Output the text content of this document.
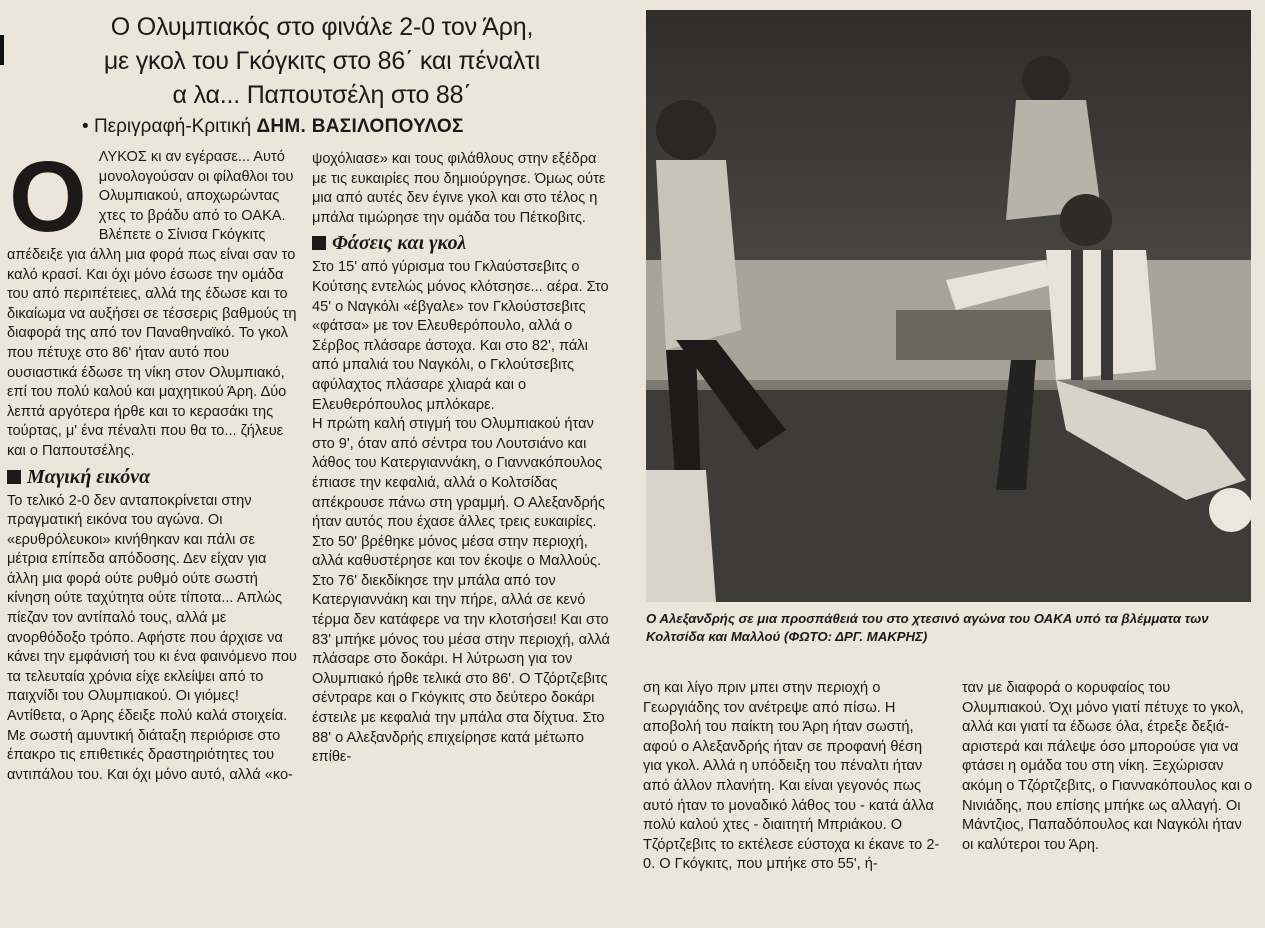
Ο Ολυμπιακός στο φινάλε 2-0 τον Άρη,
με γκολ του Γκόγκιτς στο 86΄ και πέναλτι
α λα... Παπουτσέλη στο 88΄
• Περιγραφή-Κριτική ΔΗΜ. ΒΑΣΙΛΟΠΟΥΛΟΣ
Ο ΛΥΚΟΣ κι αν εγέρασε... Αυτό μονολογούσαν οι φίλαθλοι του Ολυμπιακού, αποχωρώντας χτες το βράδυ από το ΟΑΚΑ. Βλέπετε ο Σίνισα Γκόγκιτς απέδειξε για άλλη μια φορά πως είναι σαν το καλό κρασί. Και όχι μόνο έσωσε την ομάδα του από περιπέτειες, αλλά της έδωσε και το δικαίωμα να αυξήσει σε τέσσερις βαθμούς τη διαφορά της από τον Παναθηναϊκό. Το γκολ που πέτυχε στο 86' ήταν αυτό που ουσιαστικά έδωσε τη νίκη στον Ολυμπιακό, επί του πολύ καλού και μαχητικού Άρη. Δύο λεπτά αργότερα ήρθε και το κερασάκι της τούρτας, μ' ένα πέναλτι που θα το... ζήλευε και ο Παπουτσέλης.

Μαγική εικόνα

Το τελικό 2-0 δεν ανταποκρίνεται στην πραγματική εικόνα του αγώνα. Οι «ερυθρόλευκοι» κινήθηκαν και πάλι σε μέτρια επίπεδα απόδοσης. Δεν είχαν για άλλη μια φορά ούτε ρυθμό ούτε σωστή κίνηση ούτε ταχύτητα ούτε τίποτα... Απλώς πίεζαν τον αντίπαλό τους, αλλά με ανορθόδοξο τρόπο. Αφήστε που άρχισε να κάνει την εμφάνισή του κι ένα φαινόμενο που τα τελευταία χρόνια είχε εκλείψει από το παιχνίδι του Ολυμπιακού. Οι γιόμες!

Αντίθετα, ο Άρης έδειξε πολύ καλά στοιχεία. Με σωστή αμυντική διάταξη περιόρισε στο έπακρο τις επιθετικές δραστηριότητες του αντιπάλου του. Και όχι μόνο αυτό, αλλά «κο-

ψοχόλιασε» και τους φιλάθλους στην εξέδρα με τις ευκαιρίες που δημιούργησε. Όμως ούτε μια από αυτές δεν έγινε γκολ και στο τέλος η μπάλα τιμώρησε την ομάδα του Πέτκοβιτς.

Φάσεις και γκολ

Στο 15' από γύρισμα του Γκλαύστσεβιτς ο Κούτσης εντελώς μόνος κλότσησε... αέρα. Στο 45' ο Ναγκόλι «έβγαλε» τον Γκλούστσεβιτς «φάτσα» με τον Ελευθερόπουλο, αλλά ο Σέρβος πλάσαρε άστοχα. Και στο 82', πάλι από μπαλιά του Ναγκόλι, ο Γκλούτσεβιτς αφύλαχτος πλάσαρε χλιαρά και ο Ελευθερόπουλος μπλόκαρε.

Η πρώτη καλή στιγμή του Ολυμπιακού ήταν στο 9', όταν από σέντρα του Λουτσιάνο και λάθος του Κατεργιαννάκη, ο Γιαννακόπουλος έπιασε την κεφαλιά, αλλά ο Κολτσίδας απέκρουσε πάνω στη γραμμή. Ο Αλεξανδρής ήταν αυτός που έχασε άλλες τρεις ευκαιρίες. Στο 50' βρέθηκε μόνος μέσα στην περιοχή, αλλά καθυστέρησε και τον έκοψε ο Μαλλούς. Στο 76' διεκδίκησε την μπάλα από τον Κατεργιαννάκη και την πήρε, αλλά σε κενό τέρμα δεν κατάφερε να την κλοτσήσει! Και στο 83' μπήκε μόνος του μέσα στην περιοχή, αλλά πλάσαρε στο δοκάρι. Η λύτρωση για τον Ολυμπιακό ήρθε τελικά στο 86'. Ο Τζόρτζεβιτς σέντραρε και ο Γκόγκιτς στο δεύτερο δοκάρι έστειλε με κεφαλιά την μπάλα στα δίχτυα. Στο 88' ο Αλεξανδρής επιχείρησε κατά μέτωπο επίθε-

Ο Αλεξανδρής σε μια προσπάθειά του στο χτεσινό αγώνα του ΟΑΚΑ υπό τα βλέμματα των Κολτσίδα και Μαλλού (ΦΩΤΟ: ΔΡΓ. ΜΑΚΡΗΣ)

ση και λίγο πριν μπει στην περιοχή ο Γεωργιάδης τον ανέτρεψε από πίσω. Η αποβολή του παίκτη του Άρη ήταν σωστή, αφού ο Αλεξανδρής ήταν σε προφανή θέση για γκολ. Αλλά η υπόδειξη του πέναλτι ήταν από άλλον πλανήτη. Και είναι γεγονός πως αυτό ήταν το μοναδικό λάθος του - κατά άλλα πολύ καλού χτες - διαιτητή Μπριάκου. Ο Τζόρτζεβιτς το εκτέλεσε εύστοχα κι έκανε το 2-0. Ο Γκόγκιτς, που μπήκε στο 55', ή-

ταν με διαφορά ο κορυφαίος του Ολυμπιακού. Όχι μόνο γιατί πέτυχε το γκολ, αλλά και γιατί τα έδωσε όλα, έτρεξε δεξιά-αριστερά και πάλεψε όσο μπορούσε για να φτάσει η ομάδα του στη νίκη. Ξεχώρισαν ακόμη ο Τζόρτζεβιτς, ο Γιαννακόπουλος και ο Νινιάδης, που επίσης μπήκε ως αλλαγή. Οι Μάντζιος, Παπαδόπουλος και Ναγκόλι ήταν οι καλύτεροι του Άρη.
